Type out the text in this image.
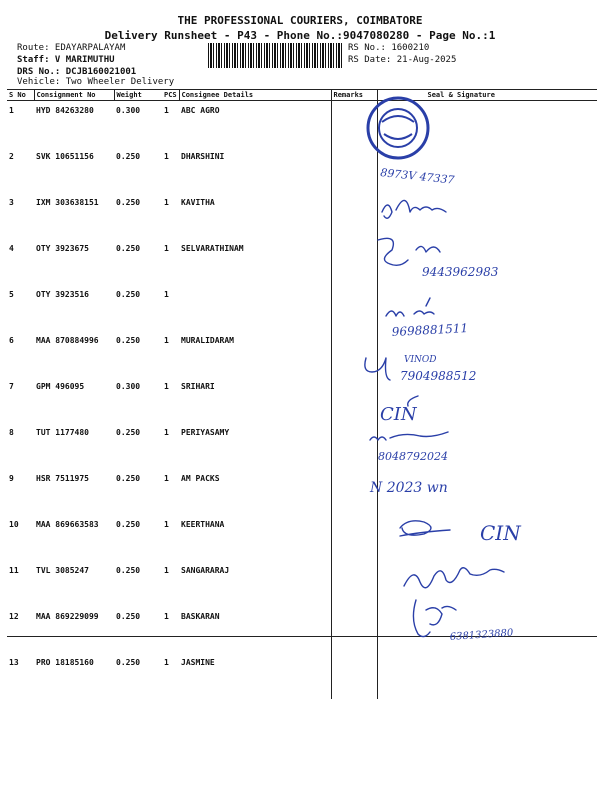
THE PROFESSIONAL COURIERS, COIMBATORE
Delivery Runsheet - P43 - Phone No.:9047080280 - Page No.:1
Route: EDAYARPALAYAM
Staff: V MARIMUTHU
DRS No.: DCJB160021001
Vehicle: Two Wheeler Delivery
RS No.: 1600210
RS Date: 21-Aug-2025
S No	Consignment No	Weight	PCS	Consignee Details	Remarks	Seal & Signature
1	HYD 84263280	0.300	1	ABC AGRO		
2	SVK 10651156	0.250	1	DHARSHINI		
3	IXM 303638151	0.250	1	KAVITHA		
4	OTY 3923675	0.250	1	SELVARATHINAM		
5	OTY 3923516	0.250	1			
6	MAA 870884996	0.250	1	MURALIDARAM		
7	GPM 496095	0.300	1	SRIHARI		
8	TUT 1177480	0.250	1	PERIYASAMY		
9	HSR 7511975	0.250	1	AM PACKS		
10	MAA 869663583	0.250	1	KEERTHANA		
11	TVL 3085247	0.250	1	SANGARARAJ		
12	MAA 869229099	0.250	1	BASKARAN		
13	PRO 18185160	0.250	1	JASMINE		
8973V 47337
9443962983
9698881511
VINOD
7904988512
CIN
8048792024
N 2023 wn
CIN
6381323880
